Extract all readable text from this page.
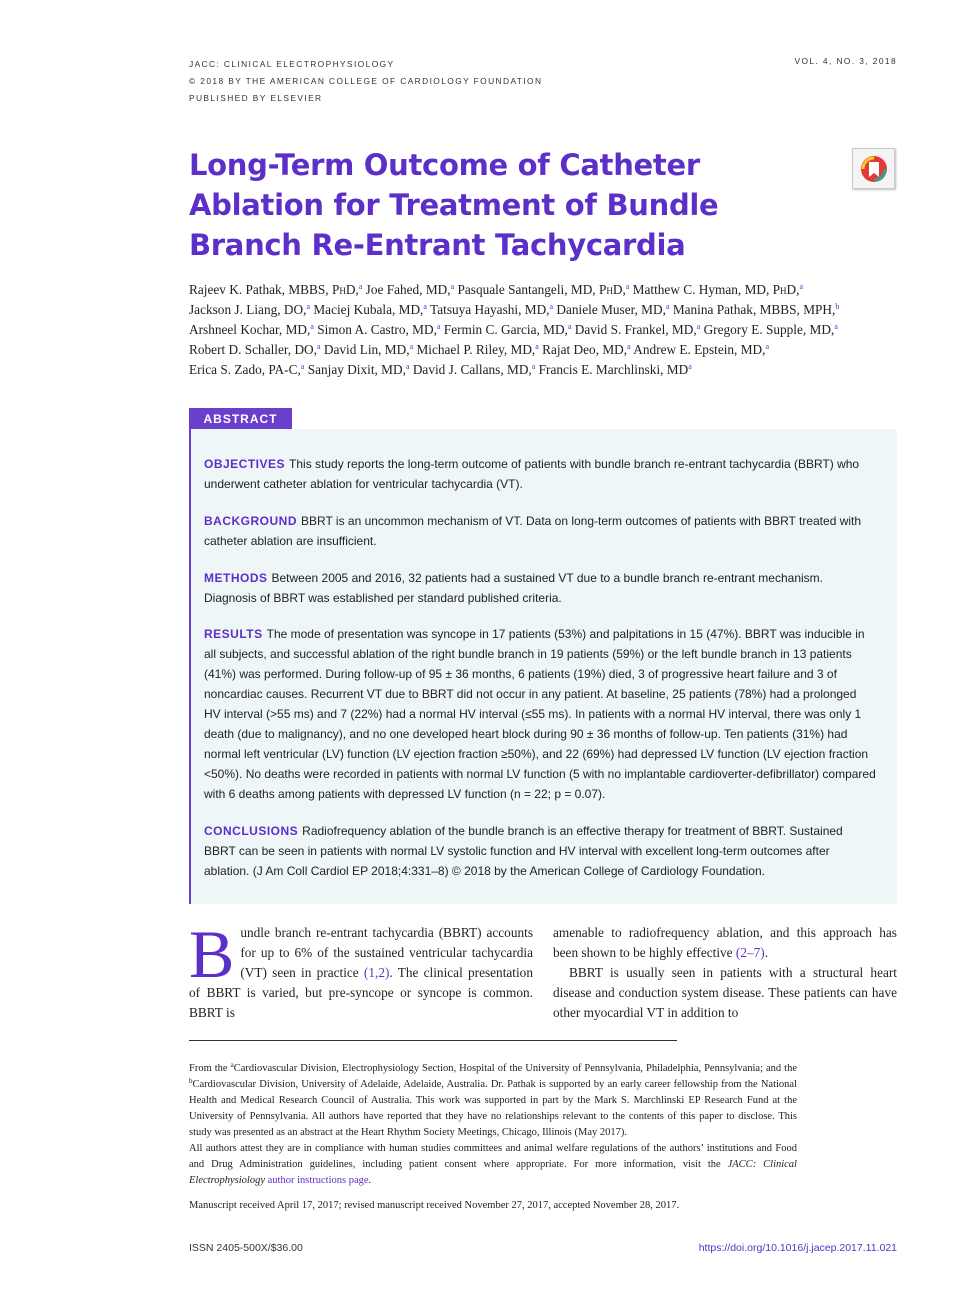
JACC: CLINICAL ELECTROPHYSIOLOGY
© 2018 BY THE AMERICAN COLLEGE OF CARDIOLOGY FOUNDATION
PUBLISHED BY ELSEVIER
VOL. 4, NO. 3, 2018
Long-Term Outcome of Catheter Ablation for Treatment of Bundle Branch Re-Entrant Tachycardia
Rajeev K. Pathak, MBBS, PhD,$^a$ Joe Fahed, MD,$^a$ Pasquale Santangeli, MD, PhD,$^a$ Matthew C. Hyman, MD, PhD,$^a$
Jackson J. Liang, DO,$^a$ Maciej Kubala, MD,$^a$ Tatsuya Hayashi, MD,$^a$ Daniele Muser, MD,$^a$ Manina Pathak, MBBS, MPH,$^b$
Arshneel Kochar, MD,$^a$ Simon A. Castro, MD,$^a$ Fermin C. Garcia, MD,$^a$ David S. Frankel, MD,$^a$ Gregory E. Supple, MD,$^a$
Robert D. Schaller, DO,$^a$ David Lin, MD,$^a$ Michael P. Riley, MD,$^a$ Rajat Deo, MD,$^a$ Andrew E. Epstein, MD,$^a$
Erica S. Zado, PA-C,$^a$ Sanjay Dixit, MD,$^a$ David J. Callans, MD,$^a$ Francis E. Marchlinski, $MD^a$
ABSTRACT

OBJECTIVES This study reports the long-term outcome of patients with bundle branch re-entrant tachycardia (BBRT) who underwent catheter ablation for ventricular tachycardia (VT).

BACKGROUND BBRT is an uncommon mechanism of VT. Data on long-term outcomes of patients with BBRT treated with catheter ablation are insufficient.

METHODS Between 2005 and 2016, 32 patients had a sustained VT due to a bundle branch re-entrant mechanism. Diagnosis of BBRT was established per standard published criteria.

RESULTS The mode of presentation was syncope in 17 patients (53%) and palpitations in 15 (47%). BBRT was inducible in all subjects, and successful ablation of the right bundle branch in 19 patients (59%) or the left bundle branch in 13 patients (41%) was performed. During follow-up of 95 ± 36 months, 6 patients (19%) died, 3 of progressive heart failure and 3 of noncardiac causes. Recurrent VT due to BBRT did not occur in any patient. At baseline, 25 patients (78%) had a prolonged HV interval (>55 ms) and 7 (22%) had a normal HV interval (≤55 ms). In patients with a normal HV interval, there was only 1 death (due to malignancy), and no one developed heart block during 90 ± 36 months of follow-up. Ten patients (31%) had normal left ventricular (LV) function (LV ejection fraction ≥50%), and 22 (69%) had depressed LV function (LV ejection fraction <50%). No deaths were recorded in patients with normal LV function (5 with no implantable cardioverter-defibrillator) compared with 6 deaths among patients with depressed LV function (n = 22; p = 0.07).

CONCLUSIONS Radiofrequency ablation of the bundle branch is an effective therapy for treatment of BBRT. Sustained BBRT can be seen in patients with normal LV systolic function and HV interval with excellent long-term outcomes after ablation. (J Am Coll Cardiol EP 2018;4:331–8) © 2018 by the American College of Cardiology Foundation.

Bundle branch re-entrant tachycardia (BBRT) accounts for up to 6% of the sustained ventricular tachycardia (VT) seen in practice (1,2). The clinical presentation of BBRT is varied, but pre-syncope or syncope is common. BBRT is
amenable to radiofrequency ablation, and this approach has been shown to be highly effective (2–7).
BBRT is usually seen in patients with a structural heart disease and conduction system disease. These patients can have other myocardial VT in addition to

From the $^a$Cardiovascular Division, Electrophysiology Section, Hospital of the University of Pennsylvania, Philadelphia, Pennsylvania; and the $^b$Cardiovascular Division, University of Adelaide, Adelaide, Australia. Dr. Pathak is supported by an early career fellowship from the National Health and Medical Research Council of Australia. This work was supported in part by the Mark S. Marchlinski EP Research Fund at the University of Pennsylvania. All authors have reported that they have no relationships relevant to the contents of this paper to disclose. This study was presented as an abstract at the Heart Rhythm Society Meetings, Chicago, Illinois (May 2017).

All authors attest they are in compliance with human studies committees and animal welfare regulations of the authors’ institutions and Food and Drug Administration guidelines, including patient consent where appropriate. For more information, visit the JACC: Clinical Electrophysiology author instructions page.

Manuscript received April 17, 2017; revised manuscript received November 27, 2017, accepted November 28, 2017.

ISSN 2405-500X/$36.00	https://doi.org/10.1016/j.jacep.2017.11.021
